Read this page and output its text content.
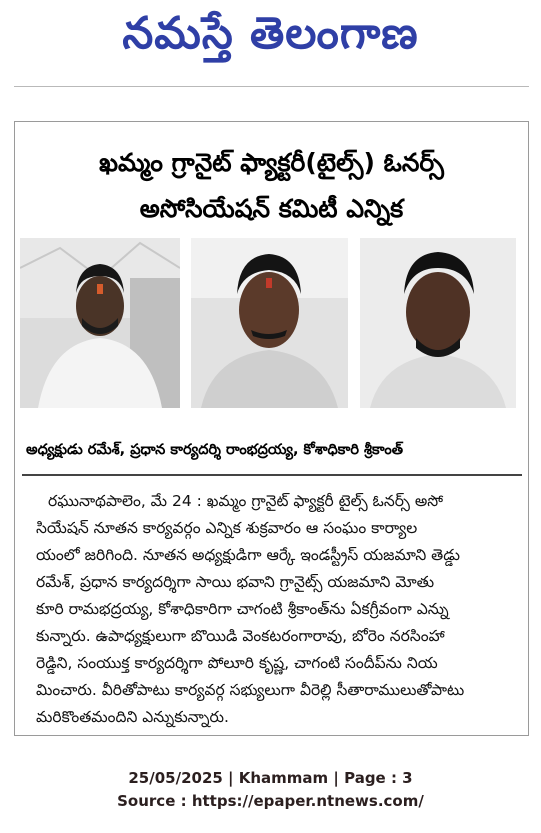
నమస్తే తెలంగాణ
ఖమ్మం గ్రానైట్ ఫ్యాక్టరీ(టైల్స్) ఓనర్స్
అసోసియేషన్ కమిటీ ఎన్నిక
అధ్యక్షుడు రమేశ్, ప్రధాన కార్యదర్శి రాంభద్రయ్య, కోశాధికారి శ్రీకాంత్
రఘునాథపాలెం, మే 24 : ఖమ్మం గ్రానైట్ ఫ్యాక్టరీ టైల్స్ ఓనర్స్ అసో
సియేషన్ నూతన కార్యవర్గం ఎన్నిక శుక్రవారం ఆ సంఘం కార్యాల
యంలో జరిగింది. నూతన అధ్యక్షుడిగా ఆర్కే ఇండస్ట్రీస్ యజమాని తెడ్డు
రమేశ్, ప్రధాన కార్యదర్శిగా సాయి భవాని గ్రానైట్స్ యజమాని మోతు
కూరి రామభద్రయ్య, కోశాధికారిగా చాగంటి శ్రీకాంత్‌ను ఏకగ్రీవంగా ఎన్ను
కున్నారు. ఉపాధ్యక్షులుగా బొయిడి వెంకటరంగారావు, బోరెం నరసింహా
రెడ్డిని, సంయుక్త కార్యదర్శిగా పోలూరి కృష్ణ, చాగంటి సందీప్‌ను నియ
మించారు. వీరితోపాటు కార్యవర్గ సభ్యులుగా వీరెల్లి సీతారాములుతోపాటు
మరికొంతమందిని ఎన్నుకున్నారు.
25/05/2025 | Khammam | Page : 3
Source : https://epaper.ntnews.com/
